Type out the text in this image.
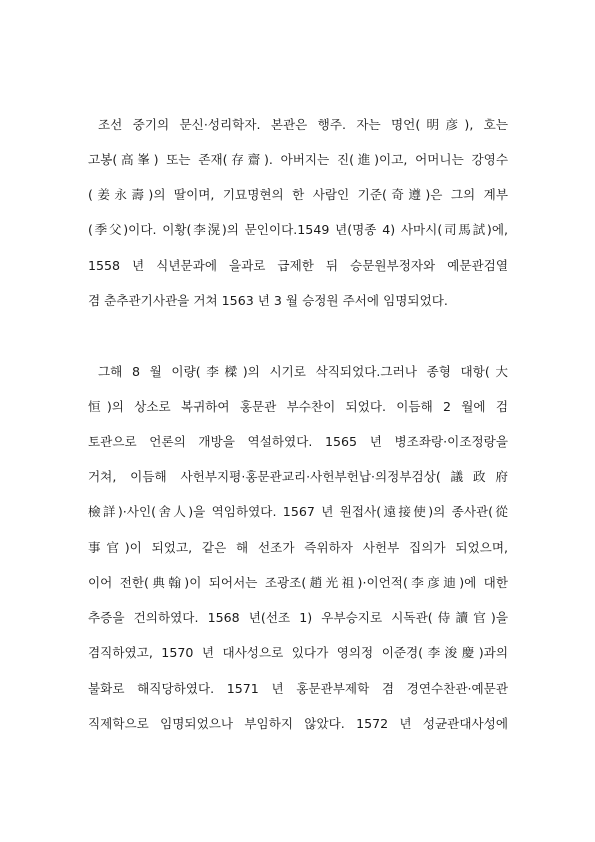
조선 중기의 문신·성리학자. 본관은 행주. 자는 명언(明彦), 호는
고봉(高峯) 또는 존재(存齋). 아버지는 진(進)이고, 어머니는 강영수
(姜永壽)의 딸이며, 기묘명현의 한 사람인 기준(奇遵)은 그의 계부
(季父)이다. 이황(李滉)의 문인이다.1549 년(명종 4) 사마시(司馬試)에,
1558 년 식년문과에 을과로 급제한 뒤 승문원부정자와 예문관검열
겸 춘추관기사관을 거쳐 1563 년 3 월 승정원 주서에 임명되었다.
그해 8 월 이량(李樑)의 시기로 삭직되었다.그러나 종형 대항(大
恒)의 상소로 복귀하여 홍문관 부수찬이 되었다. 이듬해 2 월에 검
토관으로 언론의 개방을 역설하였다. 1565 년 병조좌랑·이조정랑을
거쳐, 이듬해 사헌부지평·홍문관교리·사헌부헌납·의정부검상(議政府
檢詳)·사인(舍人)을 역임하였다. 1567 년 원접사(遠接使)의 종사관(從
事官)이 되었고, 같은 해 선조가 즉위하자 사헌부 집의가 되었으며,
이어 전한(典翰)이 되어서는 조광조(趙光祖)·이언적(李彦迪)에 대한
추증을 건의하였다. 1568 년(선조 1) 우부승지로 시독관(侍讀官)을
겸직하였고, 1570 년 대사성으로 있다가 영의정 이준경(李浚慶)과의
불화로 해직당하였다. 1571 년 홍문관부제학 겸 경연수찬관·예문관
직제학으로 임명되었으나 부임하지 않았다. 1572 년 성균관대사성에
